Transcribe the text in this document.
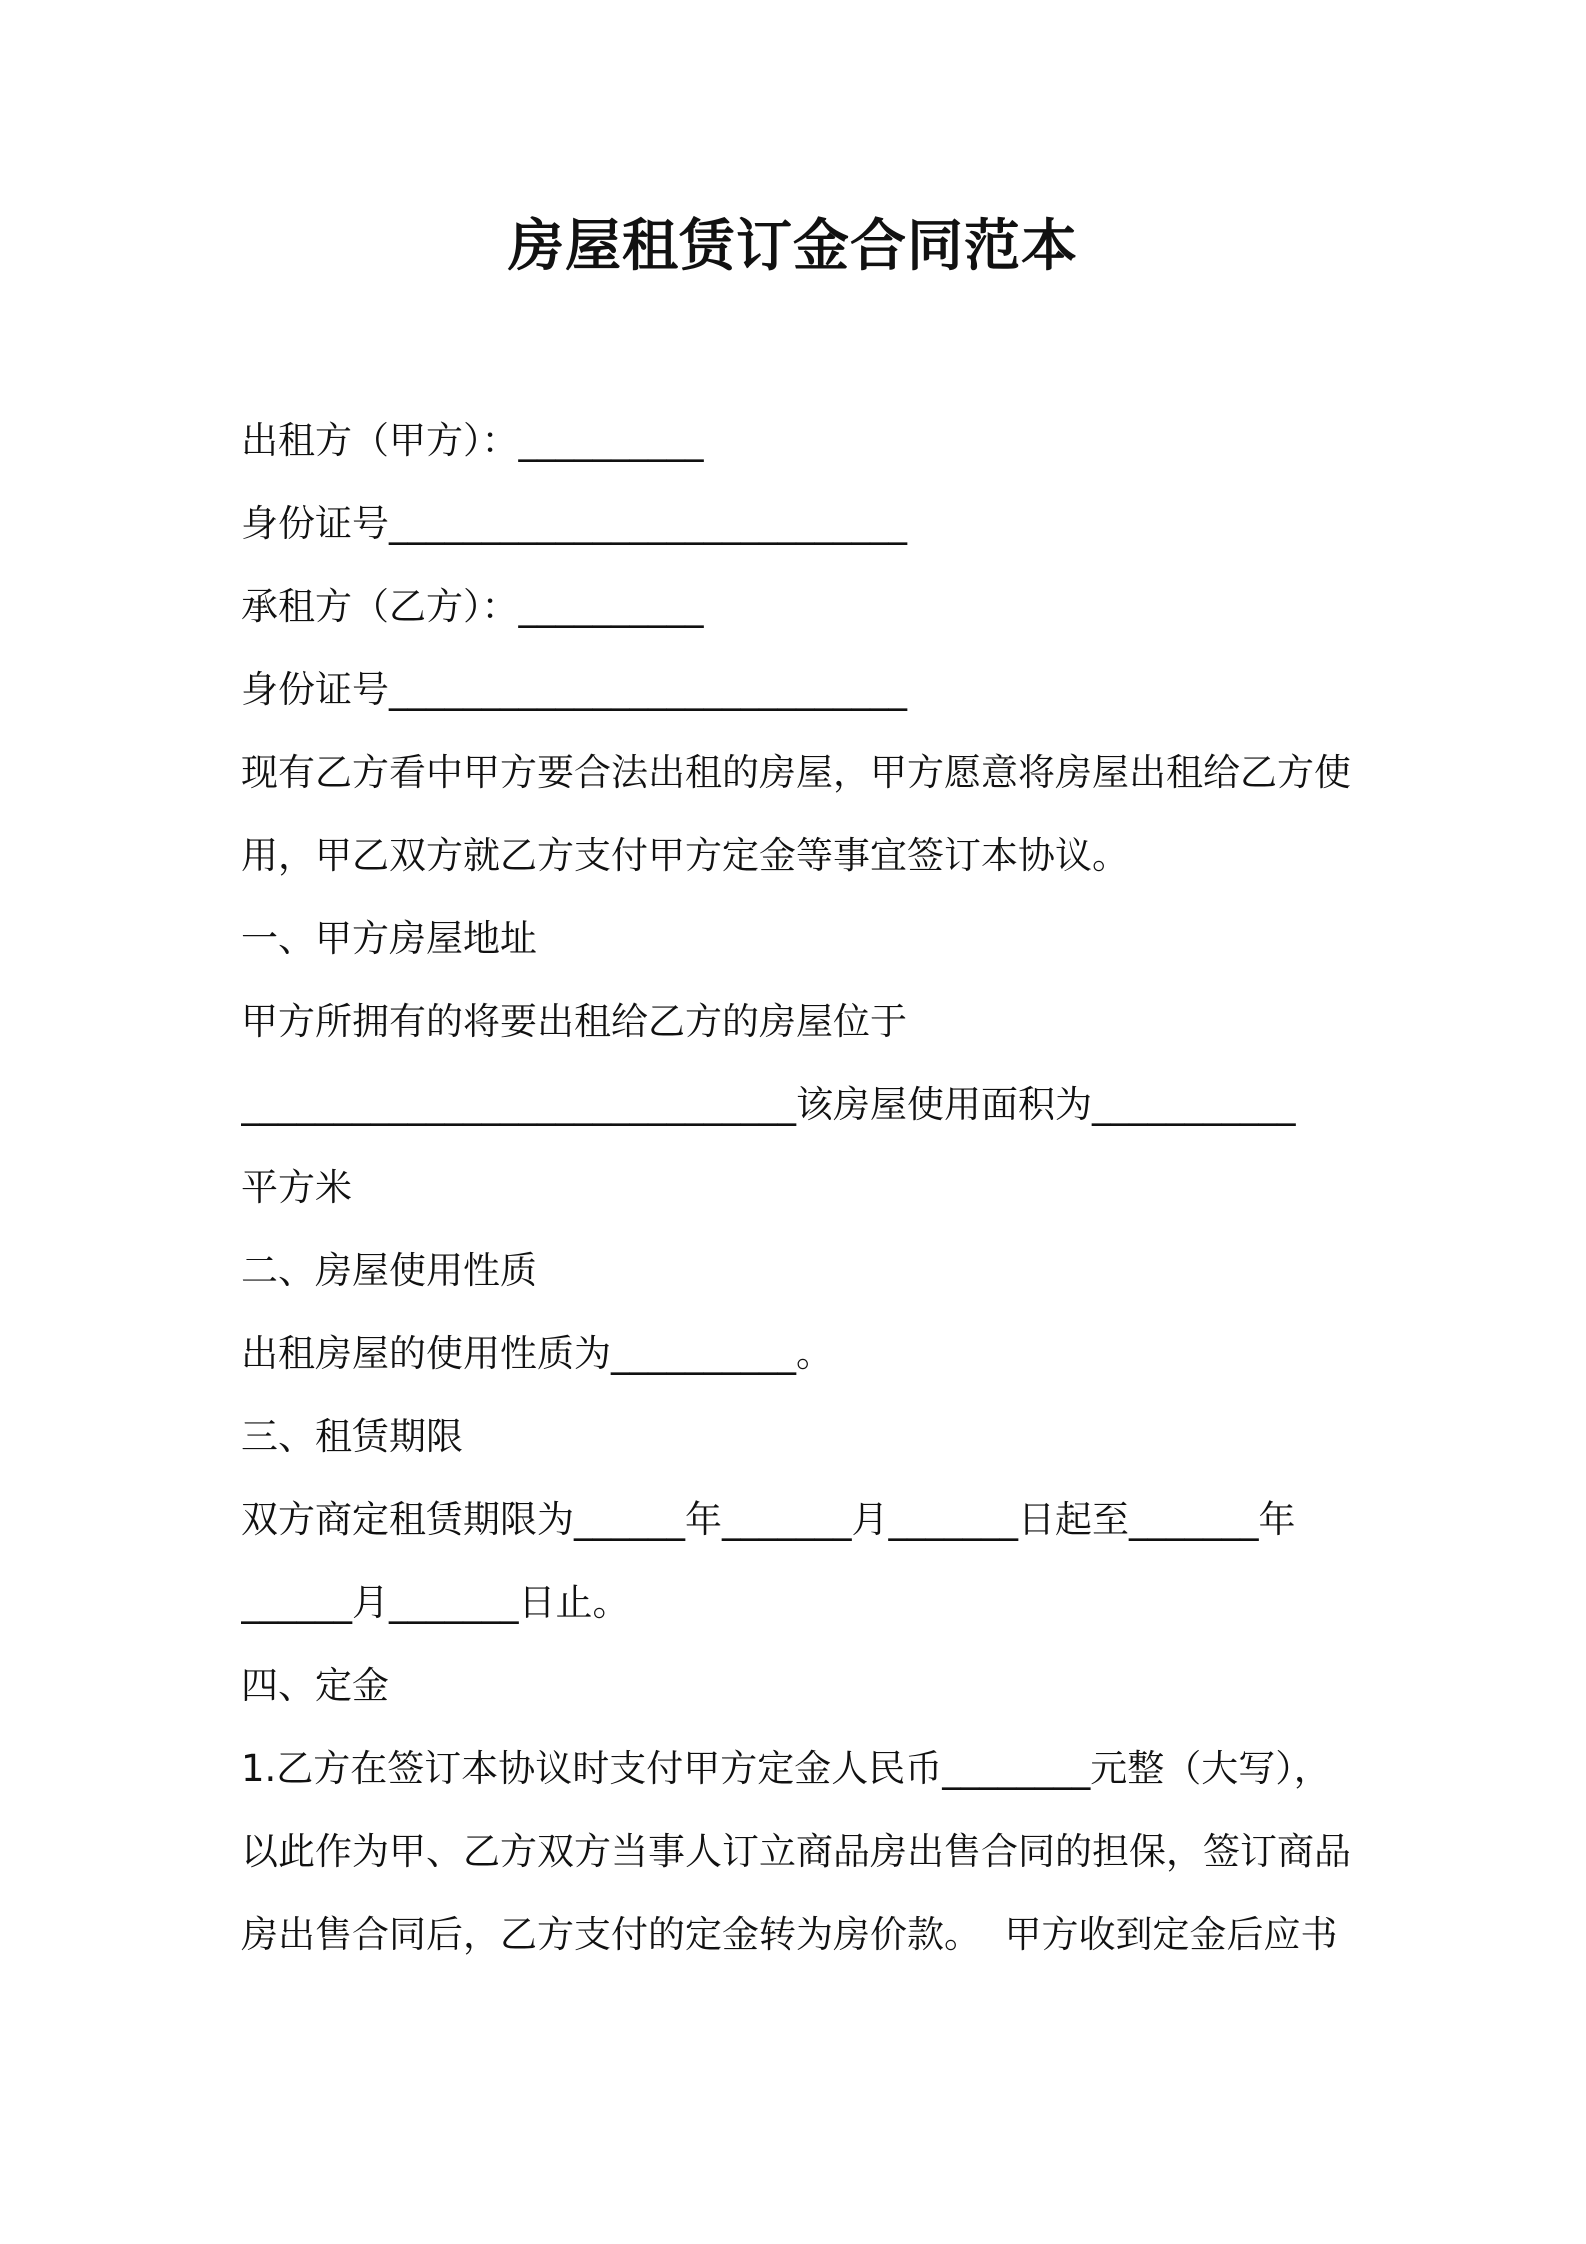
房屋租赁订金合同范本
出租方（甲方）：__________
身份证号____________________________
承租方（乙方）：__________
身份证号____________________________
现有乙方看中甲方要合法出租的房屋，甲方愿意将房屋出租给乙方使
用，甲乙双方就乙方支付甲方定金等事宜签订本协议。
一、甲方房屋地址
甲方所拥有的将要出租给乙方的房屋位于
______________________________该房屋使用面积为___________
平方米
二、房屋使用性质
出租房屋的使用性质为__________。
三、租赁期限
双方商定租赁期限为______年_______月_______日起至_______年
______月_______日止。
四、定金
1.乙方在签订本协议时支付甲方定金人民币________元整（大写），
以此作为甲、乙方双方当事人订立商品房出售合同的担保，签订商品
房出售合同后，乙方支付的定金转为房价款。  甲方收到定金后应书
